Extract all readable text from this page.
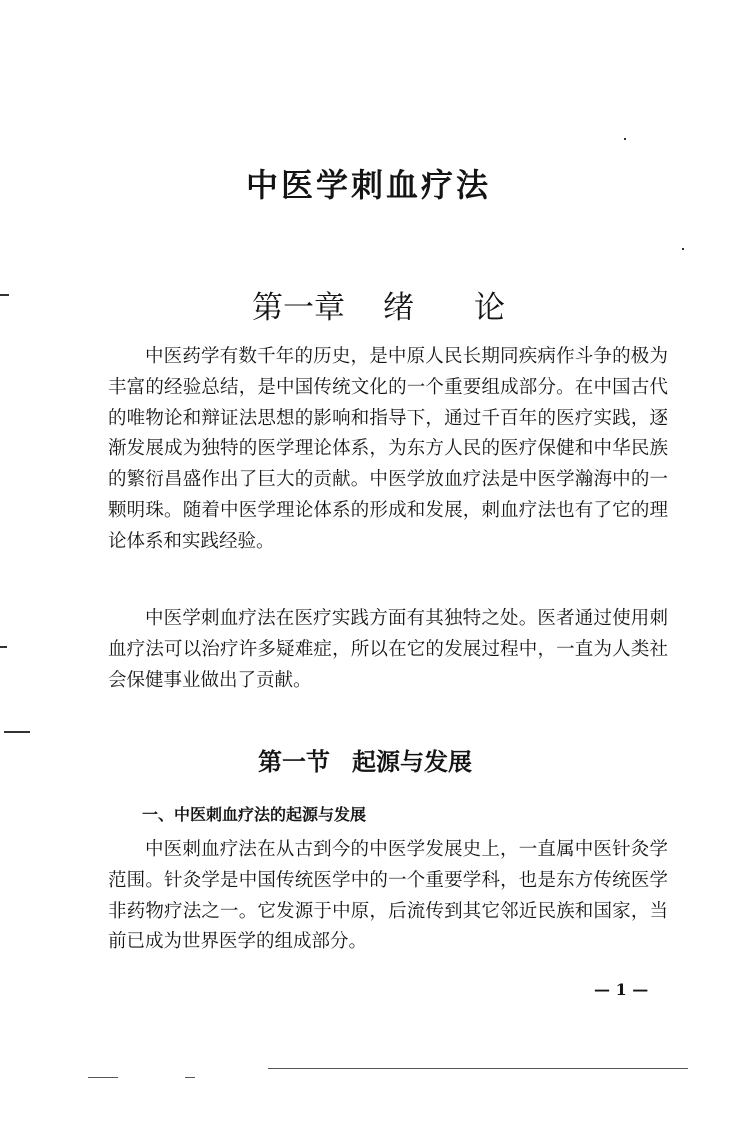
中医学刺血疗法
第一章 绪 论

中医药学有数千年的历史，是中原人民长期同疾病作斗争的极为丰富的经验总结，是中国传统文化的一个重要组成部分。在中国古代的唯物论和辩证法思想的影响和指导下，通过千百年的医疗实践，逐渐发展成为独特的医学理论体系，为东方人民的医疗保健和中华民族的繁衍昌盛作出了巨大的贡献。中医学放血疗法是中医学瀚海中的一颗明珠。随着中医学理论体系的形成和发展，刺血疗法也有了它的理论体系和实践经验。

中医学刺血疗法在医疗实践方面有其独特之处。医者通过使用刺血疗法可以治疗许多疑难症，所以在它的发展过程中，一直为人类社会保健事业做出了贡献。

第一节 起源与发展
一、中医刺血疗法的起源与发展

中医刺血疗法在从古到今的中医学发展史上，一直属中医针灸学范围。针灸学是中国传统医学中的一个重要学科，也是东方传统医学非药物疗法之一。它发源于中原，后流传到其它邻近民族和国家，当前已成为世界医学的组成部分。

— 1 —
